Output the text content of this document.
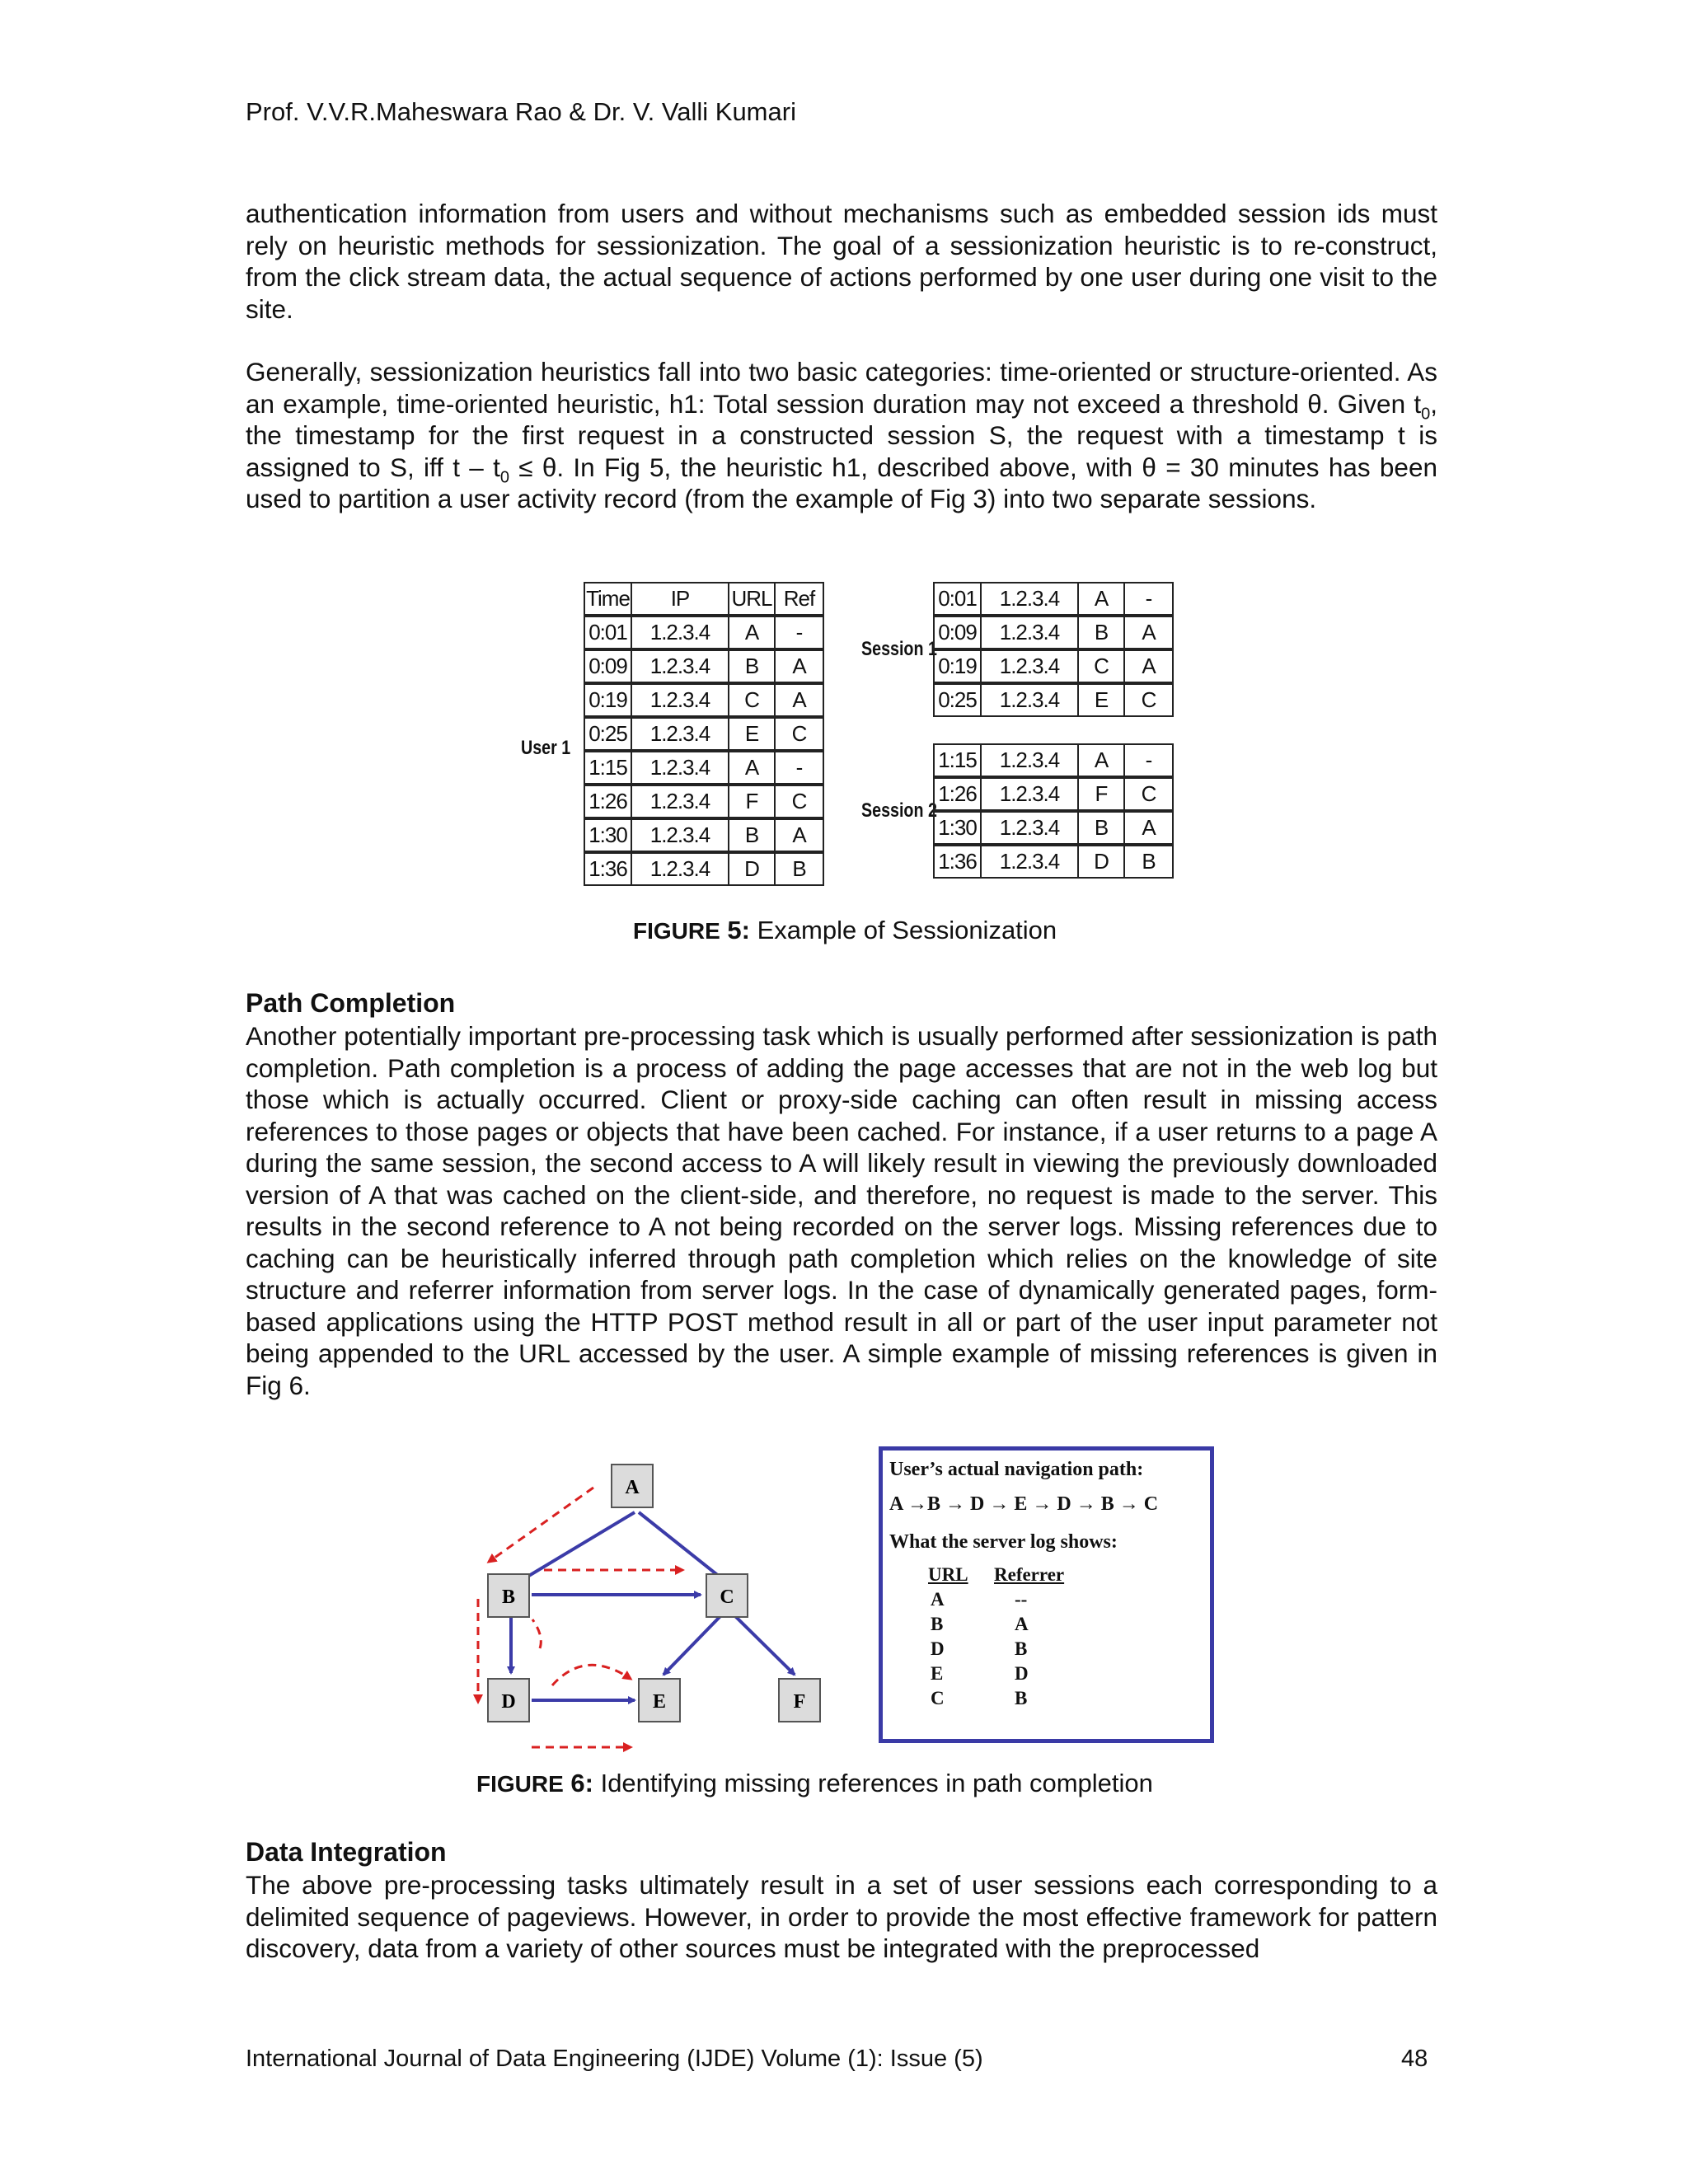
Prof. V.V.R.Maheswara Rao & Dr. V. Valli Kumari

authentication information from users and without mechanisms such as embedded session ids must rely on heuristic methods for sessionization. The goal of a sessionization heuristic is to re-construct, from the click stream data, the actual sequence of actions performed by one user during one visit to the site.

Generally, sessionization heuristics fall into two basic categories: time-oriented or structure-oriented. As an example, time-oriented heuristic, h1: Total session duration may not exceed a threshold θ. Given $t_0$, the timestamp for the first request in a constructed session S, the request with a timestamp t is assigned to S, iff $t - t_0 \le \theta$. In Fig 5, the heuristic h1, described above, with θ = 30 minutes has been used to partition a user activity record (from the example of Fig 3) into two separate sessions.

User 1
Time	IP	URL	Ref
0:01	1.2.3.4	A	-
0:09	1.2.3.4	B	A
0:19	1.2.3.4	C	A
0:25	1.2.3.4	E	C
1:15	1.2.3.4	A	-
1:26	1.2.3.4	F	C
1:30	1.2.3.4	B	A
1:36	1.2.3.4	D	B
Session 1
0:01	1.2.3.4	A	-
0:09	1.2.3.4	B	A
0:19	1.2.3.4	C	A
0:25	1.2.3.4	E	C
Session 2
1:15	1.2.3.4	A	-
1:26	1.2.3.4	F	C
1:30	1.2.3.4	B	A
1:36	1.2.3.4	D	B
FIGURE 5: Example of Sessionization
Path Completion

Another potentially important pre-processing task which is usually performed after sessionization is path completion. Path completion is a process of adding the page accesses that are not in the web log but those which is actually occurred. Client or proxy-side caching can often result in missing access references to those pages or objects that have been cached. For instance, if a user returns to a page A during the same session, the second access to A will likely result in viewing the previously downloaded version of A that was cached on the client-side, and therefore, no request is made to the server. This results in the second reference to A not being recorded on the server logs. Missing references due to caching can be heuristically inferred through path completion which relies on the knowledge of site structure and referrer information from server logs. In the case of dynamically generated pages, form-based applications using the HTTP POST method result in all or part of the user input parameter not being appended to the URL accessed by the user. A simple example of missing references is given in Fig 6.

A
B	C
D	E	F
User’s actual navigation path:
A →B → D → E → D → B → C
What the server log shows:
URL Referrer
A	--
B	A
D	B
E	D
C	B
FIGURE 6: Identifying missing references in path completion
Data Integration

The above pre-processing tasks ultimately result in a set of user sessions each corresponding to a delimited sequence of pageviews. However, in order to provide the most effective framework for pattern discovery, data from a variety of other sources must be integrated with the preprocessed

International Journal of Data Engineering (IJDE) Volume (1): Issue (5)	48
